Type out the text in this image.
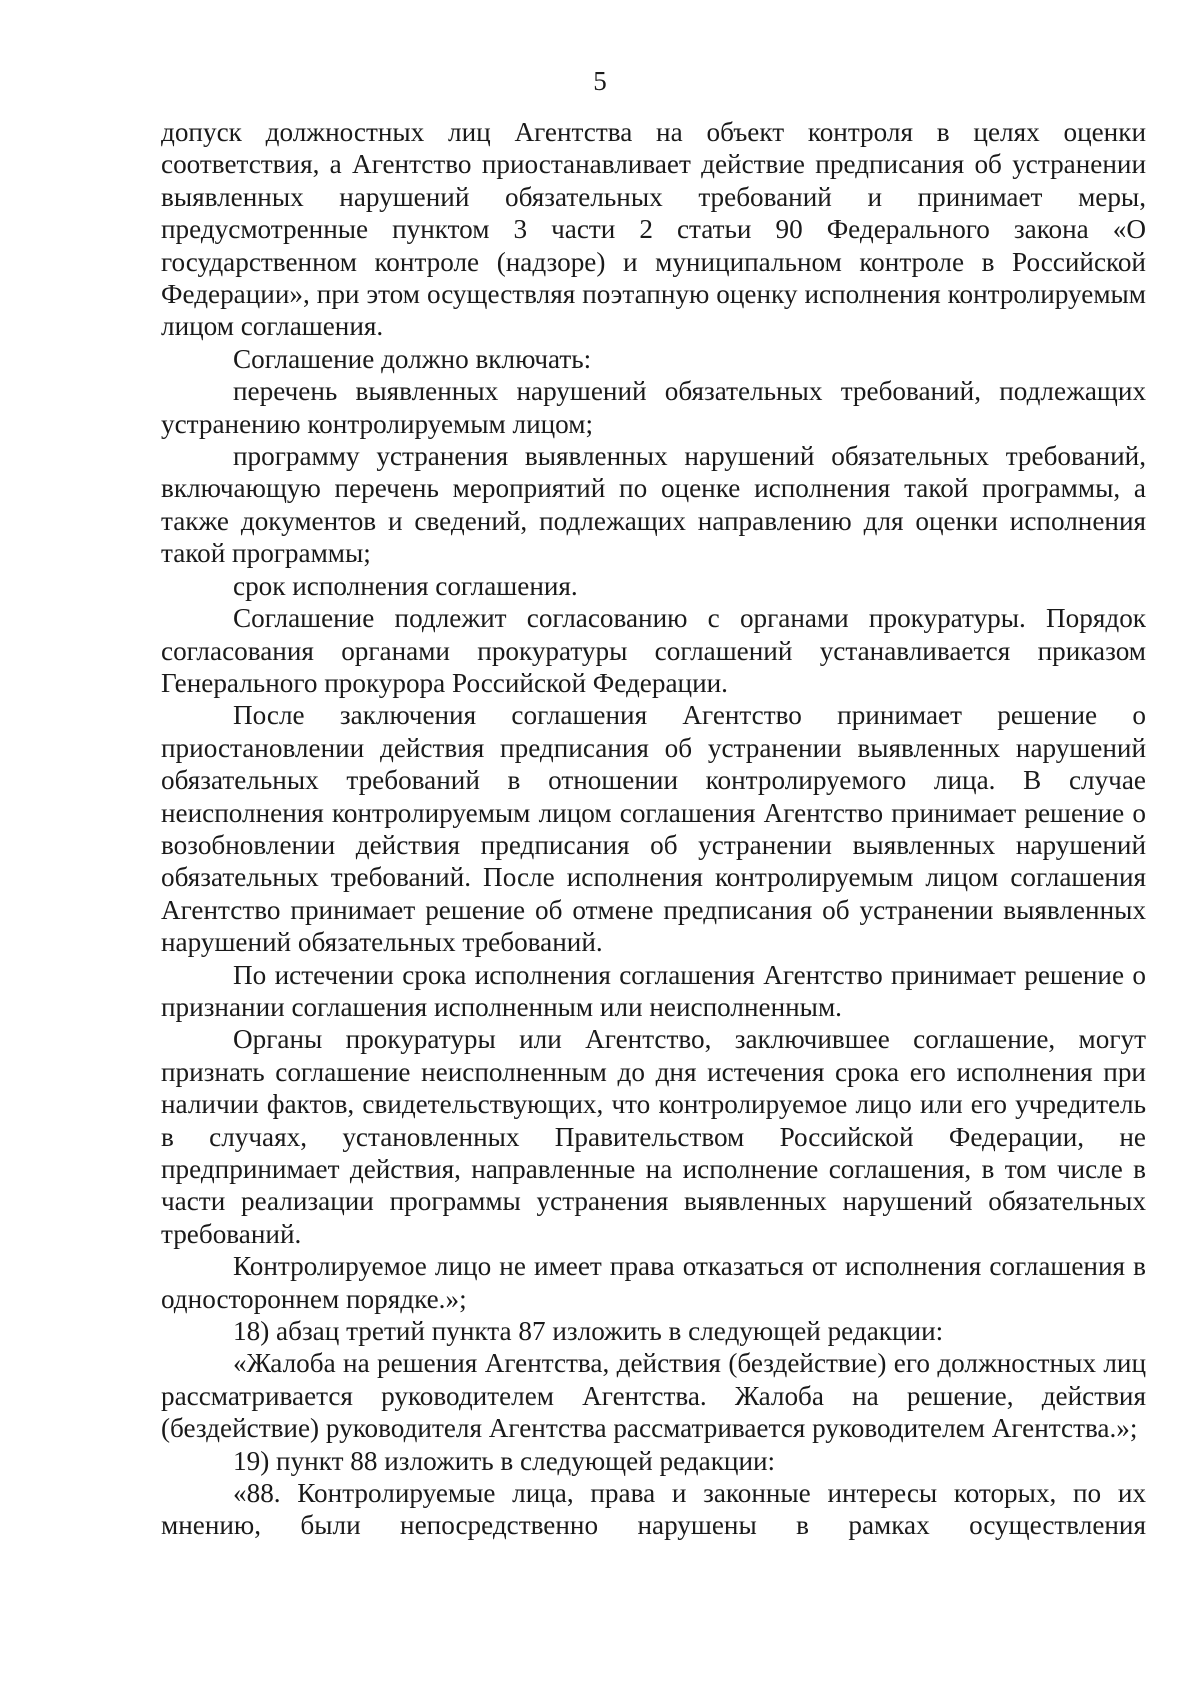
5

допуск должностных лиц Агентства на объект контроля в целях оценки соответствия, а Агентство приостанавливает действие предписания об устранении выявленных нарушений обязательных требований и принимает меры, предусмотренные пунктом 3 части 2 статьи 90 Федерального закона «О государственном контроле (надзоре) и муниципальном контроле в Российской Федерации», при этом осуществляя поэтапную оценку исполнения контролируемым лицом соглашения.

Соглашение должно включать:

перечень выявленных нарушений обязательных требований, подлежащих устранению контролируемым лицом;

программу устранения выявленных нарушений обязательных требований, включающую перечень мероприятий по оценке исполнения такой программы, а также документов и сведений, подлежащих направлению для оценки исполнения такой программы;

срок исполнения соглашения.

Соглашение подлежит согласованию с органами прокуратуры. Порядок согласования органами прокуратуры соглашений устанавливается приказом Генерального прокурора Российской Федерации.

После заключения соглашения Агентство принимает решение о приостановлении действия предписания об устранении выявленных нарушений обязательных требований в отношении контролируемого лица. В случае неисполнения контролируемым лицом соглашения Агентство принимает решение о возобновлении действия предписания об устранении выявленных нарушений обязательных требований. После исполнения контролируемым лицом соглашения Агентство принимает решение об отмене предписания об устранении выявленных нарушений обязательных требований.

По истечении срока исполнения соглашения Агентство принимает решение о признании соглашения исполненным или неисполненным.

Органы прокуратуры или Агентство, заключившее соглашение, могут признать соглашение неисполненным до дня истечения срока его исполнения при наличии фактов, свидетельствующих, что контролируемое лицо или его учредитель в случаях, установленных Правительством Российской Федерации, не предпринимает действия, направленные на исполнение соглашения, в том числе в части реализации программы устранения выявленных нарушений обязательных требований.

Контролируемое лицо не имеет права отказаться от исполнения соглашения в одностороннем порядке.»;

18) абзац третий пункта 87 изложить в следующей редакции:

«Жалоба на решения Агентства, действия (бездействие) его должностных лиц рассматривается руководителем Агентства. Жалоба на решение, действия (бездействие) руководителя Агентства рассматривается руководителем Агентства.»;

19) пункт 88 изложить в следующей редакции:

«88. Контролируемые лица, права и законные интересы которых, по их мнению, были непосредственно нарушены в рамках осуществления
